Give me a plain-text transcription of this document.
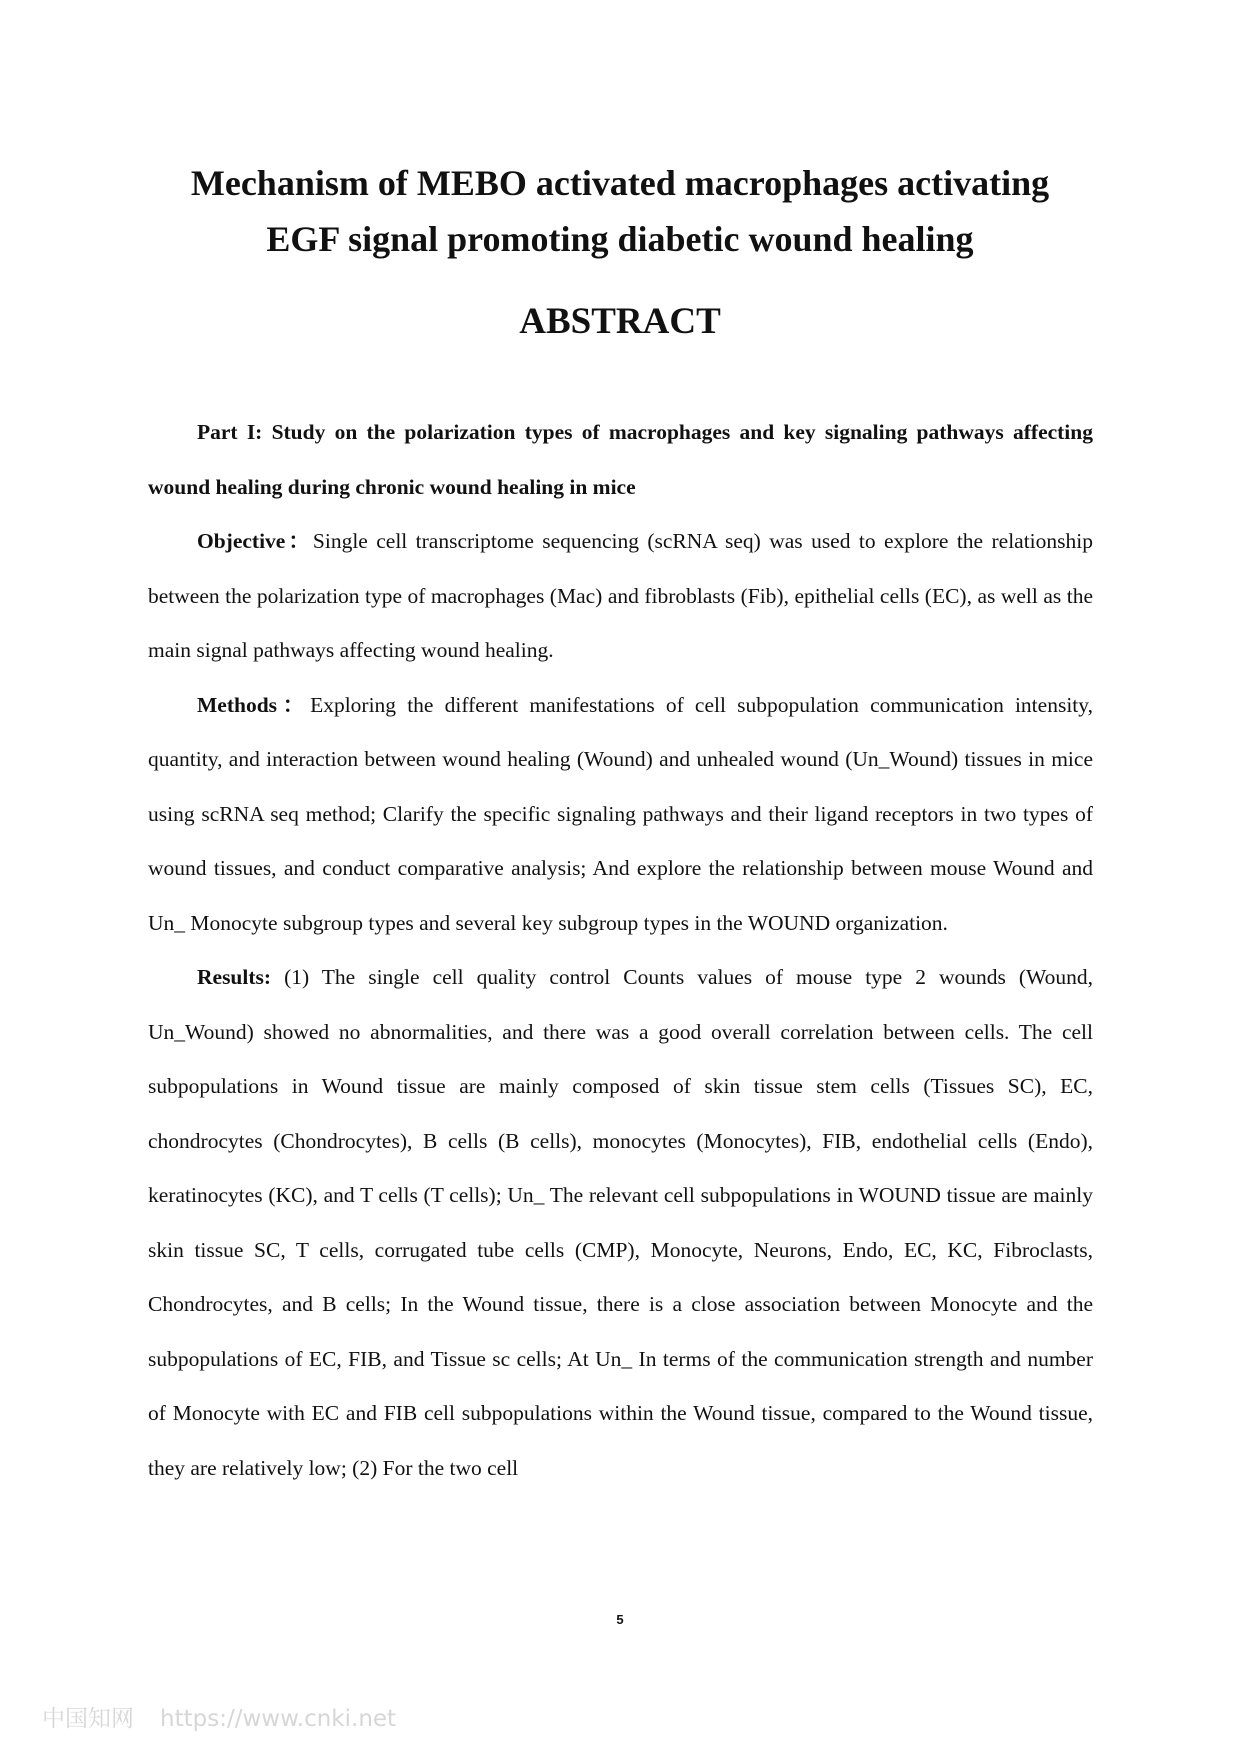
Mechanism of MEBO activated macrophages activating
EGF signal promoting diabetic wound healing
ABSTRACT

Part I: Study on the polarization types of macrophages and key signaling pathways affecting wound healing during chronic wound healing in mice

Objective：Single cell transcriptome sequencing (scRNA seq) was used to explore the relationship between the polarization type of macrophages (Mac) and fibroblasts (Fib), epithelial cells (EC), as well as the main signal pathways affecting wound healing.

Methods：Exploring the different manifestations of cell subpopulation communication intensity, quantity, and interaction between wound healing (Wound) and unhealed wound (Un_Wound) tissues in mice using scRNA seq method; Clarify the specific signaling pathways and their ligand receptors in two types of wound tissues, and conduct comparative analysis; And explore the relationship between mouse Wound and Un_ Monocyte subgroup types and several key subgroup types in the WOUND organization.

Results: (1) The single cell quality control Counts values of mouse type 2 wounds (Wound, Un_Wound) showed no abnormalities, and there was a good overall correlation between cells. The cell subpopulations in Wound tissue are mainly composed of skin tissue stem cells (Tissues SC), EC, chondrocytes (Chondrocytes), B cells (B cells), monocytes (Monocytes), FIB, endothelial cells (Endo), keratinocytes (KC), and T cells (T cells); Un_ The relevant cell subpopulations in WOUND tissue are mainly skin tissue SC, T cells, corrugated tube cells (CMP), Monocyte, Neurons, Endo, EC, KC, Fibroclasts, Chondrocytes, and B cells; In the Wound tissue, there is a close association between Monocyte and the subpopulations of EC, FIB, and Tissue sc cells; At Un_ In terms of the communication strength and number of Monocyte with EC and FIB cell subpopulations within the Wound tissue, compared to the Wound tissue, they are relatively low; (2) For the two cell

5
中国知网 https://www.cnki.net
